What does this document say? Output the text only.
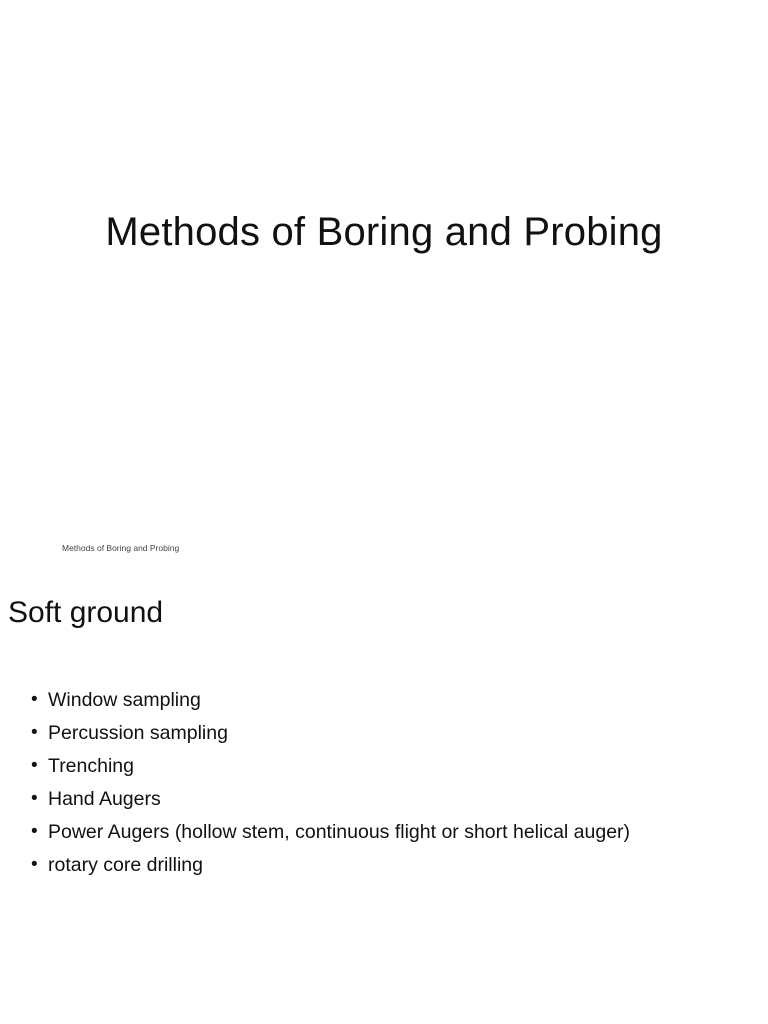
Methods of Boring and Probing
Methods of Boring and Probing
Soft ground
• Window sampling
• Percussion sampling
• Trenching
• Hand Augers
• Power Augers (hollow stem, continuous flight or short helical auger)
• rotary core drilling
